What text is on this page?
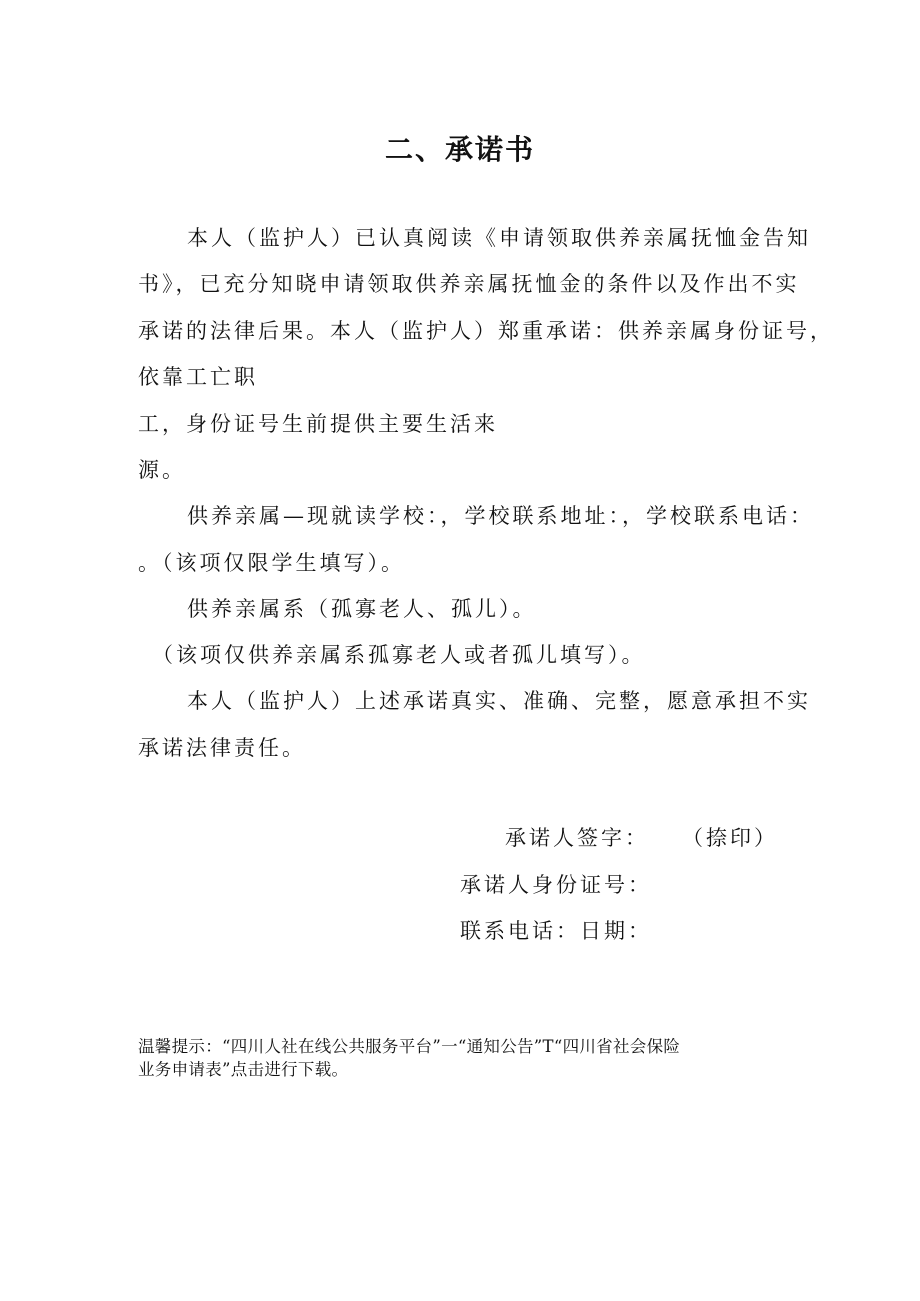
二、承诺书

本人（监护人）已认真阅读《申请领取供养亲属抚恤金告知

书》，已充分知晓申请领取供养亲属抚恤金的条件以及作出不实

承诺的法律后果。本人（监护人）郑重承诺：供养亲属身份证号，

依靠工亡职

工，身份证号生前提供主要生活来

源。

供养亲属—现就读学校：，学校联系地址：，学校联系电话：

。（该项仅限学生填写）。

供养亲属系（孤寡老人、孤儿）。

（该项仅供养亲属系孤寡老人或者孤儿填写）。

本人（监护人）上述承诺真实、准确、完整，愿意承担不实

承诺法律责任。

承诺人签字： （捺印）

承诺人身份证号：

联系电话：日期：

温馨提示：“四川人社在线公共服务平台”一“通知公告”T“四川省社会保险

业务申请表”点击进行下载。
